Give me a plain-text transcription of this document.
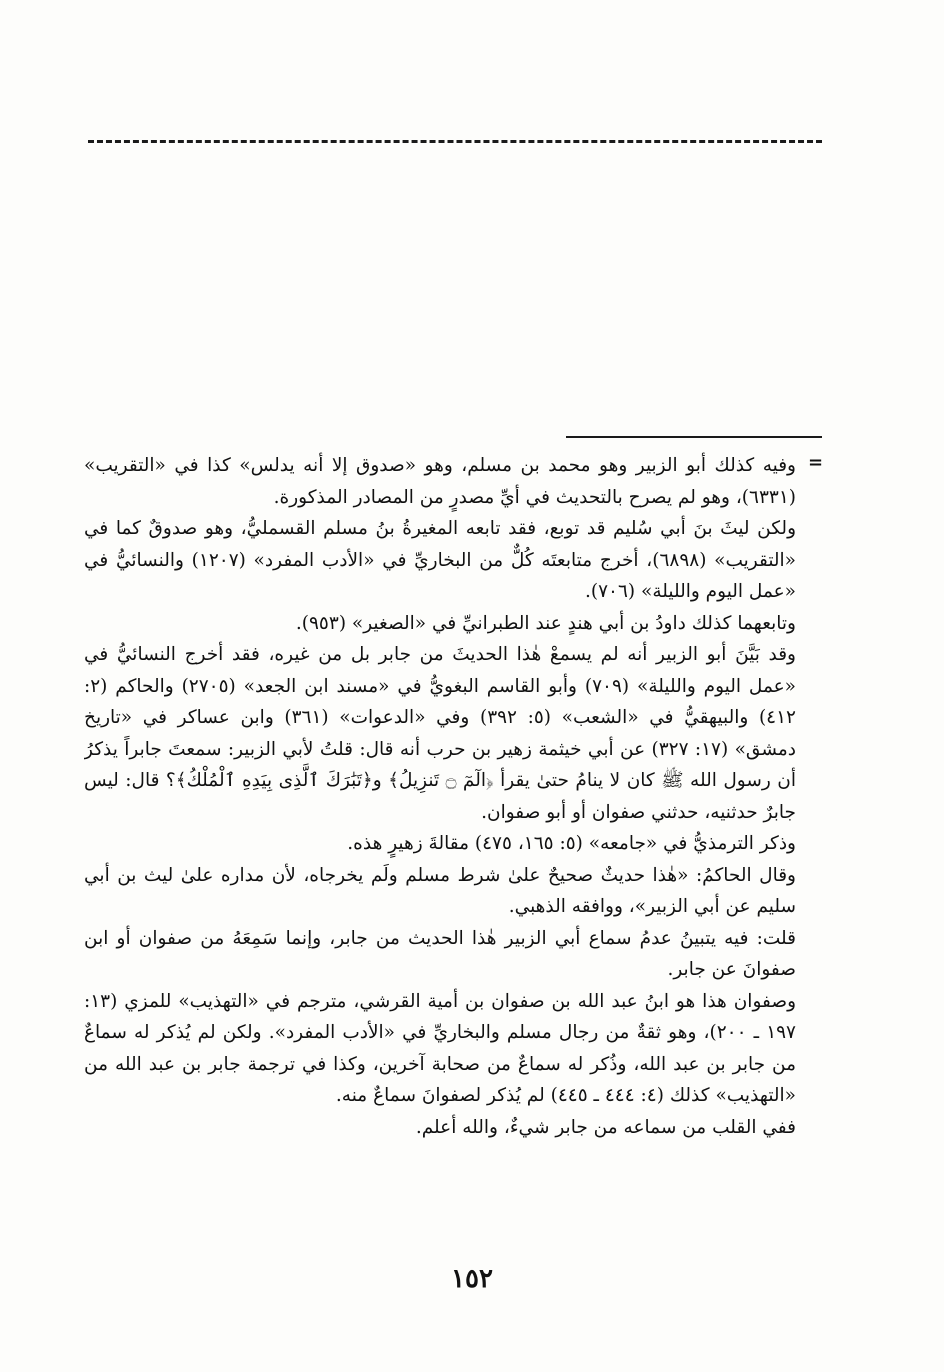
=

وفيه كذلك أبو الزبير وهو محمد بن مسلم، وهو «صدوق إلا أنه يدلس» كذا في «التقريب» (٦٣٣١)، وهو لم يصرح بالتحديث في أيِّ مصدرٍ من المصادر المذكورة.

ولكن ليثَ بنَ أبي سُليم قد توبع، فقد تابعه المغيرةُ بنُ مسلم القسمليُّ، وهو صدوقٌ كما في «التقريب» (٦٨٩٨)، أخرج متابعتَه كُلٌّ من البخاريِّ في «الأدب المفرد» (١٢٠٧) والنسائيُّ في «عمل اليوم والليلة» (٧٠٦).

وتابعهما كذلك داودُ بن أبي هندٍ عند الطبرانيِّ في «الصغير» (٩٥٣).

وقد بَيَّنَ أبو الزبير أنه لم يسمعْ هٰذا الحديثَ من جابر بل من غيره، فقد أخرج النسائيُّ في «عمل اليوم والليلة» (٧٠٩) وأبو القاسم البغويُّ في «مسند ابن الجعد» (٢٧٠٥) والحاكم (٢: ٤١٢) والبيهقيُّ في «الشعب» (٥: ٣٩٢) وفي «الدعوات» (٣٦١) وابن عساكر في «تاريخ دمشق» (١٧: ٣٢٧) عن أبي خيثمة زهير بن حرب أنه قال: قلتُ لأبي الزبير: سمعتَ جابراً يذكرُ أن رسول الله ﷺ كان لا ينامُ حتىٰ يقرأ ﴿الٓمٓ ۝ تَنزِيلُ﴾ و﴿تَبَٰرَكَ ٱلَّذِى بِيَدِهِ ٱلْمُلْكُ﴾؟ قال: ليس جابرٌ حدثنيه، حدثني صفوان أو أبو صفوان.

وذكر الترمذيُّ في «جامعه» (٥: ١٦٥، ٤٧٥) مقالةَ زهيرٍ هذه.

وقال الحاكمُ: «هٰذا حديثٌ صحيحٌ علىٰ شرط مسلم ولَم يخرجاه، لأن مداره علىٰ ليث بن أبي سليم عن أبي الزبير»، ووافقه الذهبي.

قلت: فيه يتبينُ عدمُ سماع أبي الزبير هٰذا الحديث من جابر، وإنما سَمِعَهُ من صفوان أو ابن صفوانَ عن جابر.

وصفوان هذا هو ابنُ عبد الله بن صفوان بن أمية القرشي، مترجم في «التهذيب» للمزي (١٣: ١٩٧ ـ ٢٠٠)، وهو ثقةٌ من رجال مسلم والبخاريِّ في «الأدب المفرد». ولكن لم يُذكر له سماعٌ من جابر بن عبد الله، وذُكر له سماعٌ من صحابة آخرين، وكذا في ترجمة جابر بن عبد الله من «التهذيب» كذلك (٤: ٤٤٤ ـ ٤٤٥) لم يُذكر لصفوانَ سماعٌ منه.

ففي القلب من سماعه من جابر شيءٌ، والله أعلم.

١٥٢
